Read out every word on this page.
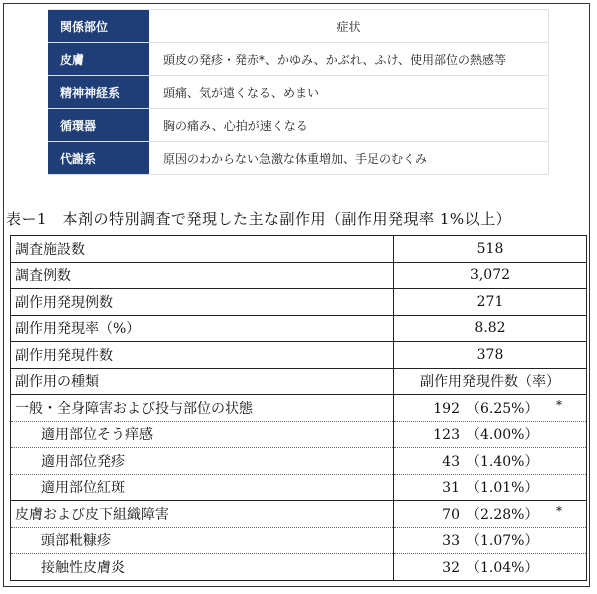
関係部位	症状
皮膚	頭皮の発疹・発赤*、かゆみ、かぶれ、ふけ、使用部位の熱感等
精神神経系	頭痛、気が遠くなる、めまい
循環器	胸の痛み、心拍が速くなる
代謝系	原因のわからない急激な体重増加、手足のむくみ
表ー1　本剤の特別調査で発現した主な副作用（副作用発現率 1%以上）
調査施設数	518
調査例数	3,072
副作用発現例数	271
副作用発現率（%）	8.82
副作用発現件数	378
副作用の種類	副作用発現件数（率）
一般・全身障害および投与部位の状態	192 （6.25%） *
適用部位そう痒感	123 （4.00%）
適用部位発疹	43 （1.40%）
適用部位紅斑	31 （1.01%）
皮膚および皮下組織障害	70 （2.28%） *
頭部粃糠疹	33 （1.07%）
接触性皮膚炎	32 （1.04%）
